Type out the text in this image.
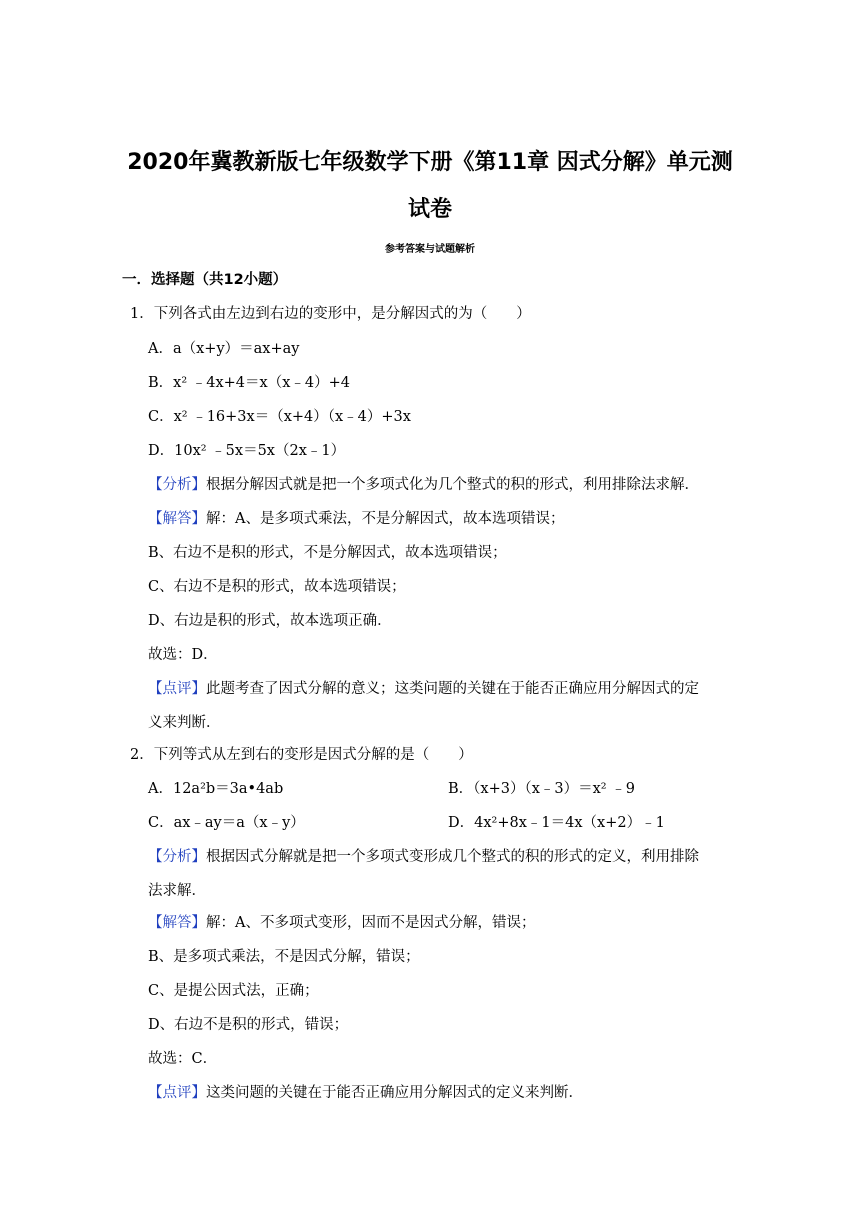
2020年冀教新版七年级数学下册《第11章 因式分解》单元测
试卷
参考答案与试题解析
一．选择题（共12小题）
1．下列各式由左边到右边的变形中，是分解因式的为（　　）
A．a（x+y）＝ax+ay
B．x² ﹣4x+4＝x（x﹣4）+4
C．x² ﹣16+3x＝（x+4）（x﹣4）+3x
D．10x² ﹣5x＝5x（2x﹣1）
【分析】根据分解因式就是把一个多项式化为几个整式的积的形式，利用排除法求解．
【解答】解：A、是多项式乘法，不是分解因式，故本选项错误；
B、右边不是积的形式，不是分解因式，故本选项错误；
C、右边不是积的形式，故本选项错误；
D、右边是积的形式，故本选项正确．
故选：D．
【点评】此题考查了因式分解的意义；这类问题的关键在于能否正确应用分解因式的定
义来判断．
2．下列等式从左到右的变形是因式分解的是（　　）
A．12a²b＝3a•4ab	B．（x+3）（x﹣3）＝x² ﹣9
C．ax﹣ay＝a（x﹣y）	D．4x²+8x﹣1＝4x（x+2）﹣1
【分析】根据因式分解就是把一个多项式变形成几个整式的积的形式的定义，利用排除
法求解．
【解答】解：A、不多项式变形，因而不是因式分解，错误；
B、是多项式乘法，不是因式分解，错误；
C、是提公因式法，正确；
D、右边不是积的形式，错误；
故选：C．
【点评】这类问题的关键在于能否正确应用分解因式的定义来判断．
